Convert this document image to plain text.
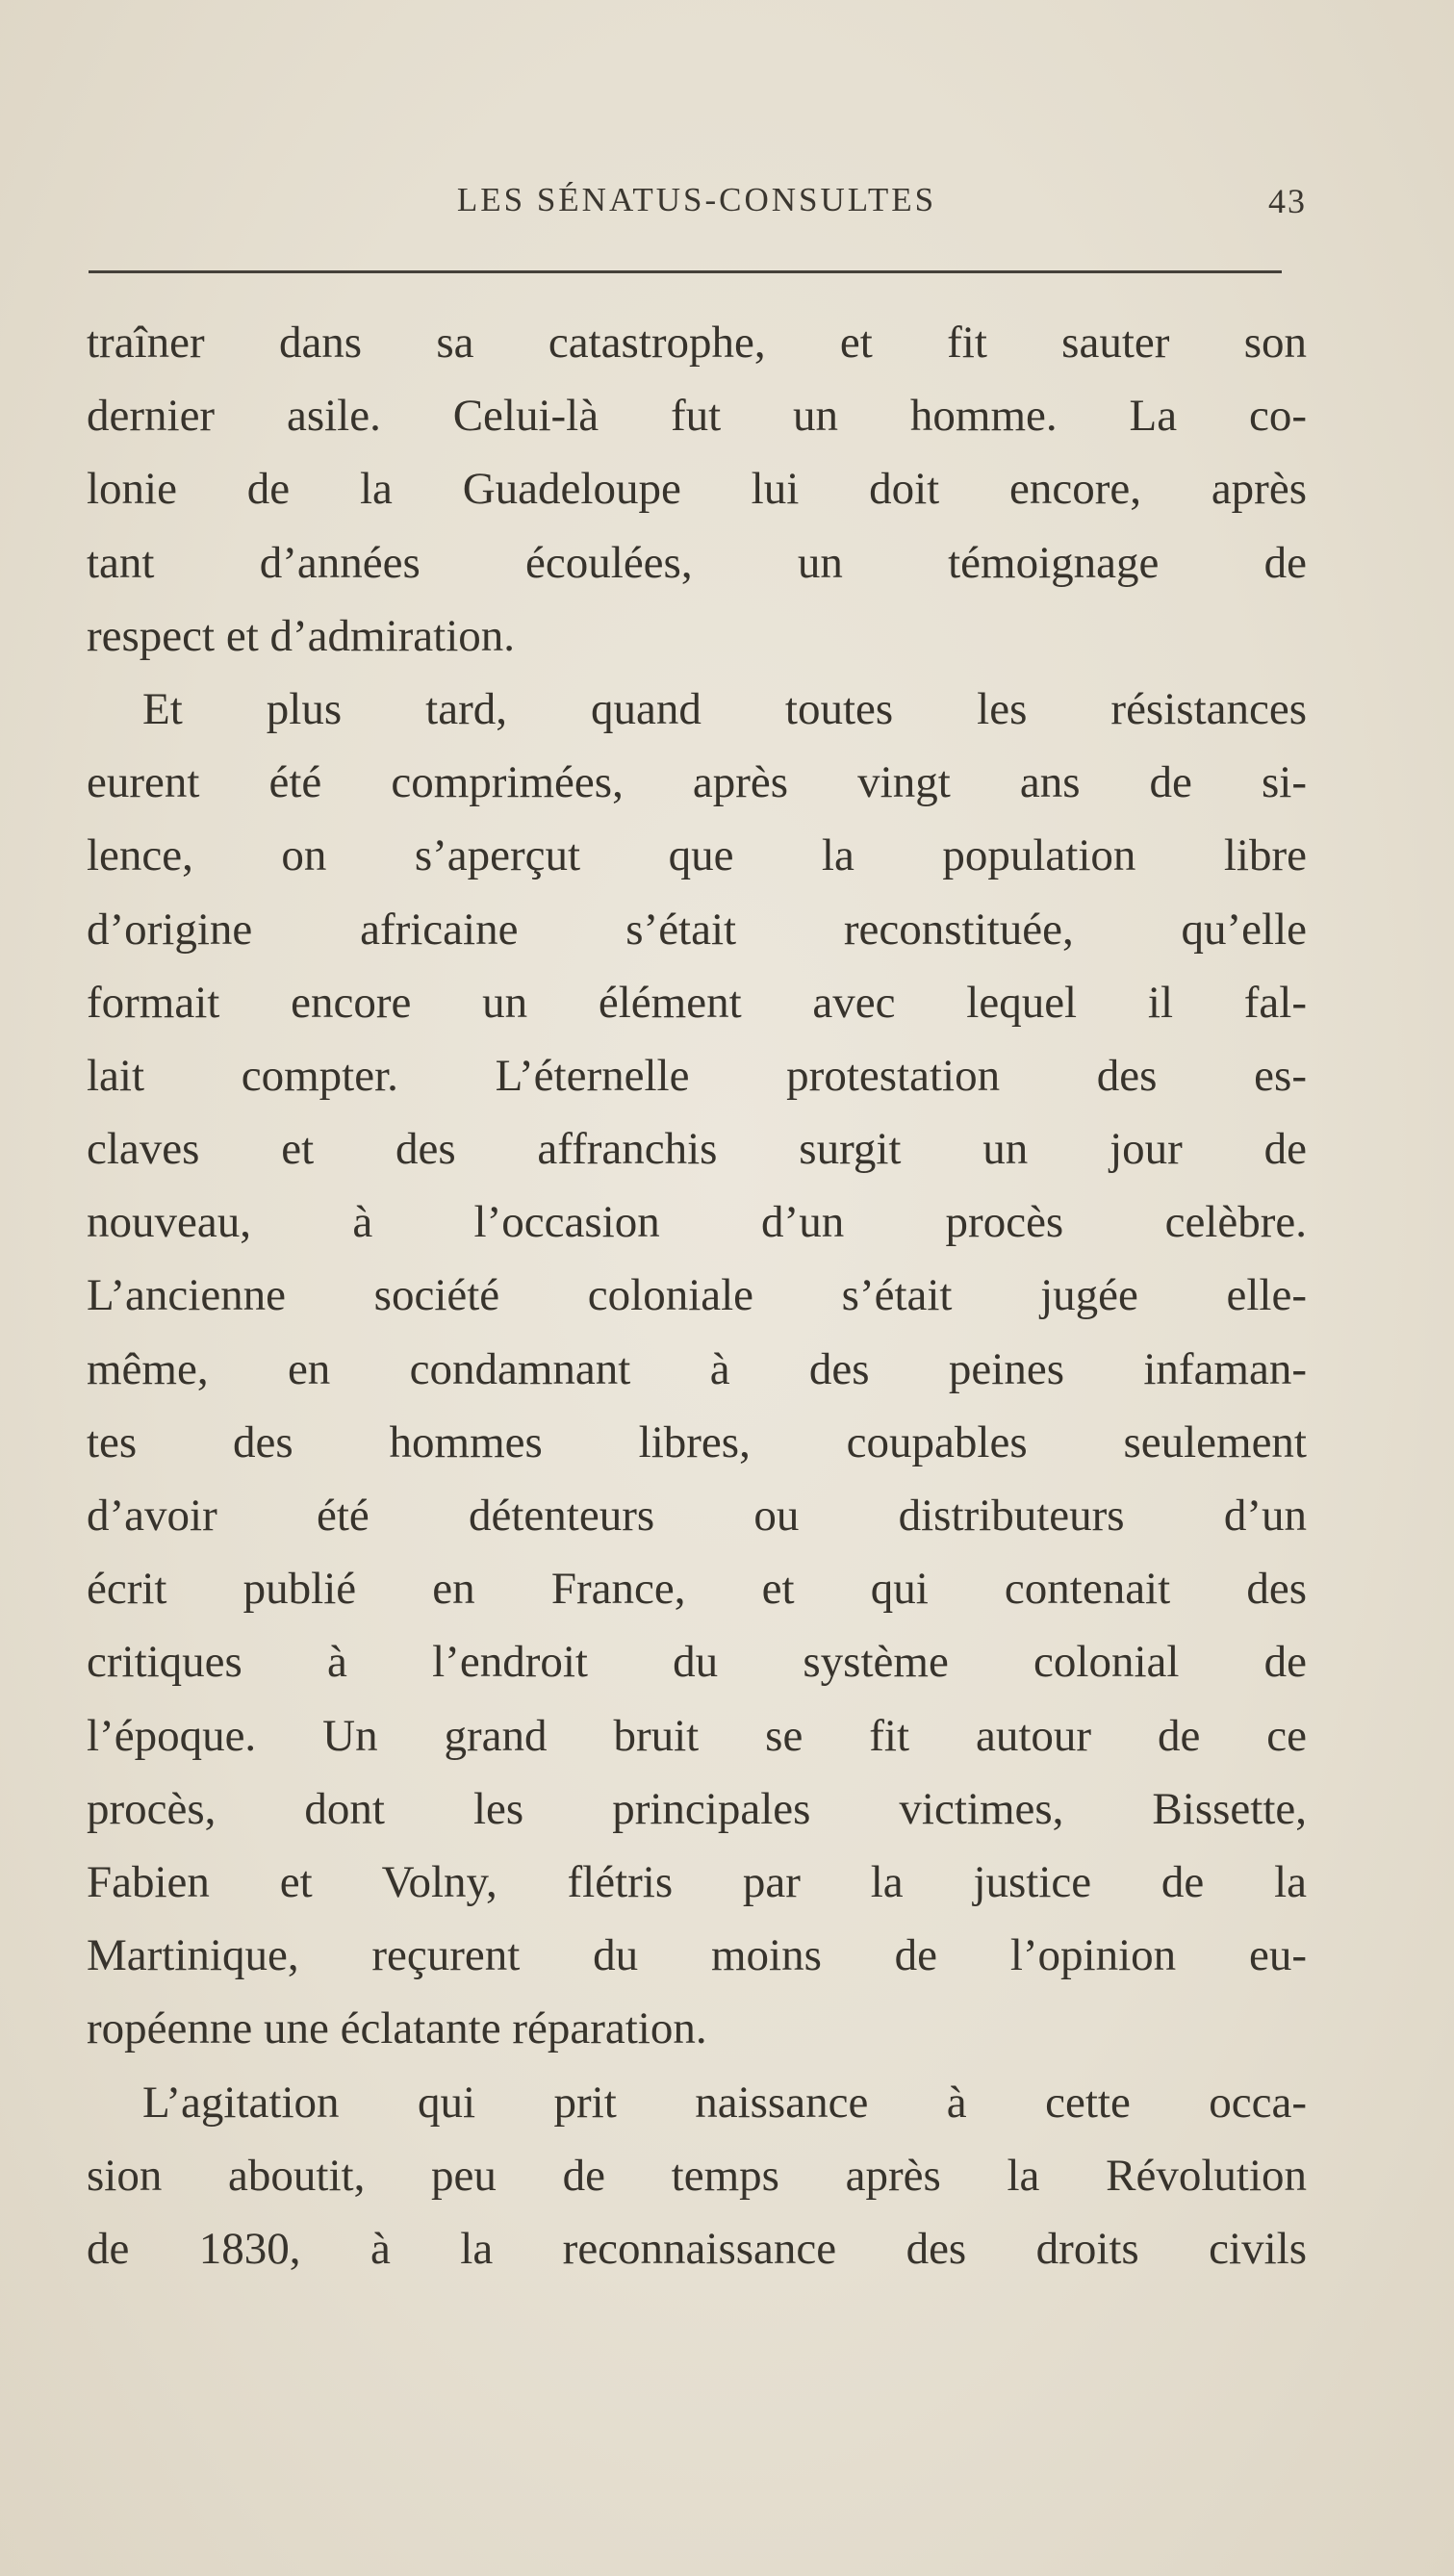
LES SÉNATUS-CONSULTES	43
traîner dans sa catastrophe, et fit sauter son
dernier asile. Celui-là fut un homme. La co-
lonie de la Guadeloupe lui doit encore, après
tant d’années écoulées, un témoignage de
respect et d’admiration.
Et plus tard, quand toutes les résistances
eurent été comprimées, après vingt ans de si-
lence, on s’aperçut que la population libre
d’origine africaine s’était reconstituée, qu’elle
formait encore un élément avec lequel il fal-
lait compter. L’éternelle protestation des es-
claves et des affranchis surgit un jour de
nouveau, à l’occasion d’un procès celèbre.
L’ancienne société coloniale s’était jugée elle-
même, en condamnant à des peines infaman-
tes des hommes libres, coupables seulement
d’avoir été détenteurs ou distributeurs d’un
écrit publié en France, et qui contenait des
critiques à l’endroit du système colonial de
l’époque. Un grand bruit se fit autour de ce
procès, dont les principales victimes, Bissette,
Fabien et Volny, flétris par la justice de la
Martinique, reçurent du moins de l’opinion eu-
ropéenne une éclatante réparation.
L’agitation qui prit naissance à cette occa-
sion aboutit, peu de temps après la Révolution
de 1830, à la reconnaissance des droits civils
